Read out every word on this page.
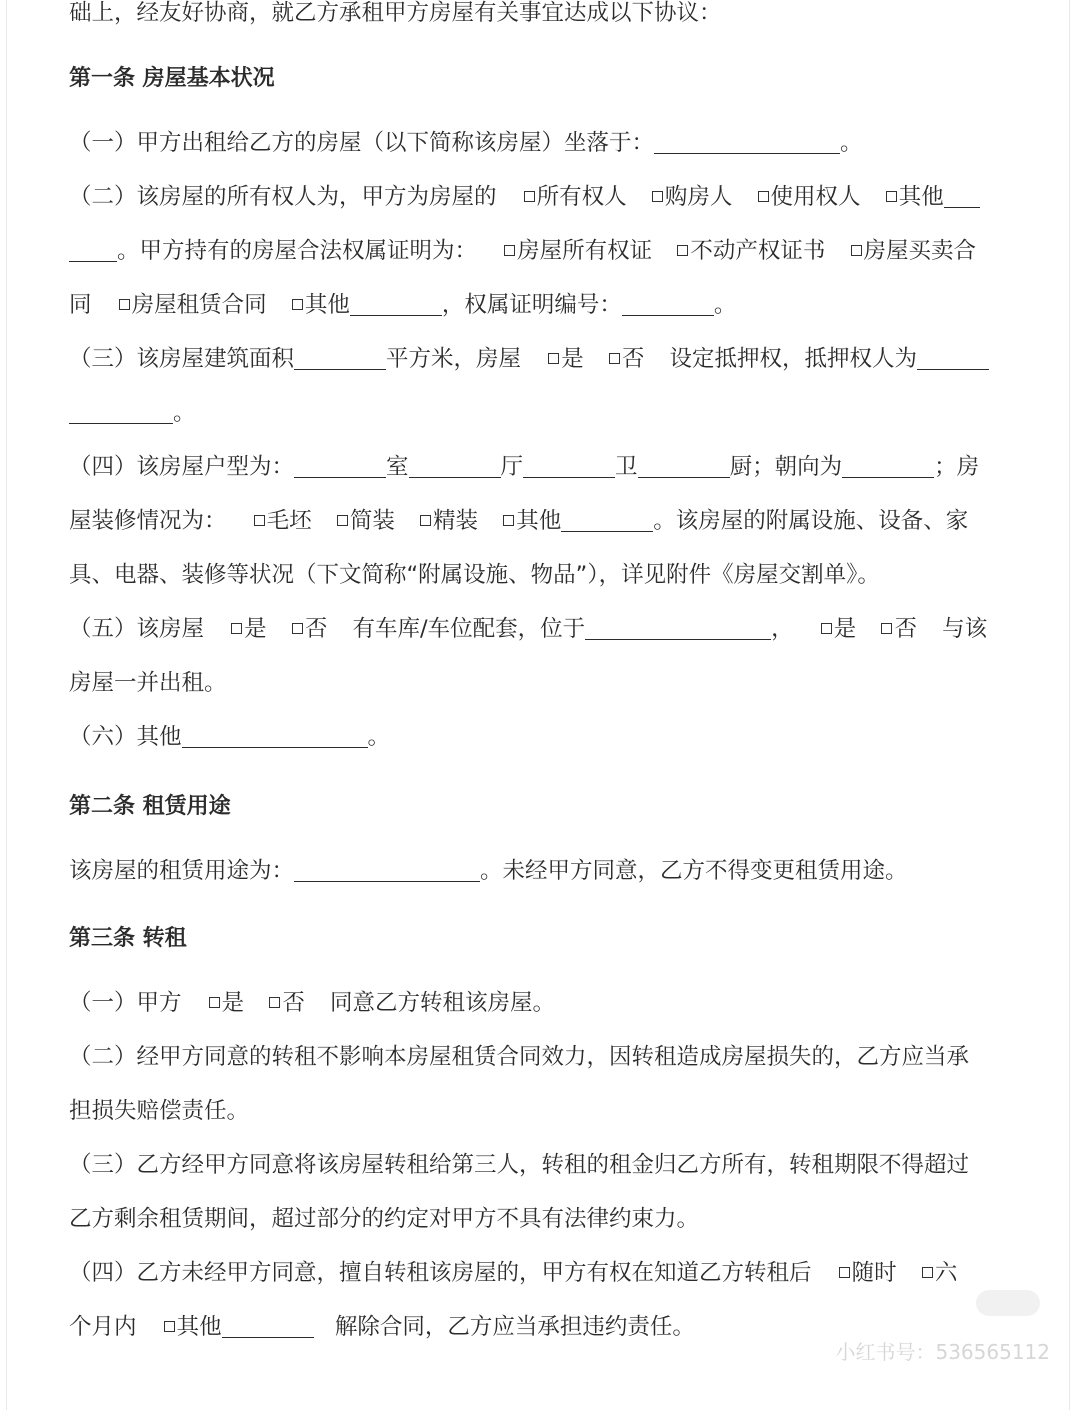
础上，经友好协商，就乙方承租甲方房屋有关事宜达成以下协议：
第一条 房屋基本状况
（一）甲方出租给乙方的房屋（以下简称该房屋）坐落于：	。
（二）该房屋的所有权人为，甲方为房屋的 所有权人 购房人 使用权人 其他
。甲方持有的房屋合法权属证明为： 房屋所有权证 不动产权证书 房屋买卖合
同 房屋租赁合同 其他	，权属证明编号：	。
（三）该房屋建筑面积	平方米，房屋 是 否 设定抵押权，抵押权人为
。
（四）该房屋户型为：	室	厅	卫	厨；朝向为	；房
屋装修情况为： 毛坯 简装 精装 其他	。该房屋的附属设施、设备、家
具、电器、装修等状况（下文简称“附属设施、物品”），详见附件《房屋交割单》。
（五）该房屋 是 否 有车库/车位配套，位于	， 是 否 与该
房屋一并出租。
（六）其他	。
第二条 租赁用途
该房屋的租赁用途为：	。未经甲方同意，乙方不得变更租赁用途。
第三条 转租
（一）甲方 是 否 同意乙方转租该房屋。
（二）经甲方同意的转租不影响本房屋租赁合同效力，因转租造成房屋损失的，乙方应当承
担损失赔偿责任。
（三）乙方经甲方同意将该房屋转租给第三人，转租的租金归乙方所有，转租期限不得超过
乙方剩余租赁期间，超过部分的约定对甲方不具有法律约束力。
（四）乙方未经甲方同意，擅自转租该房屋的，甲方有权在知道乙方转租后 随时 六
个月内 其他	解除合同，乙方应当承担违约责任。
小红书号：536565112
